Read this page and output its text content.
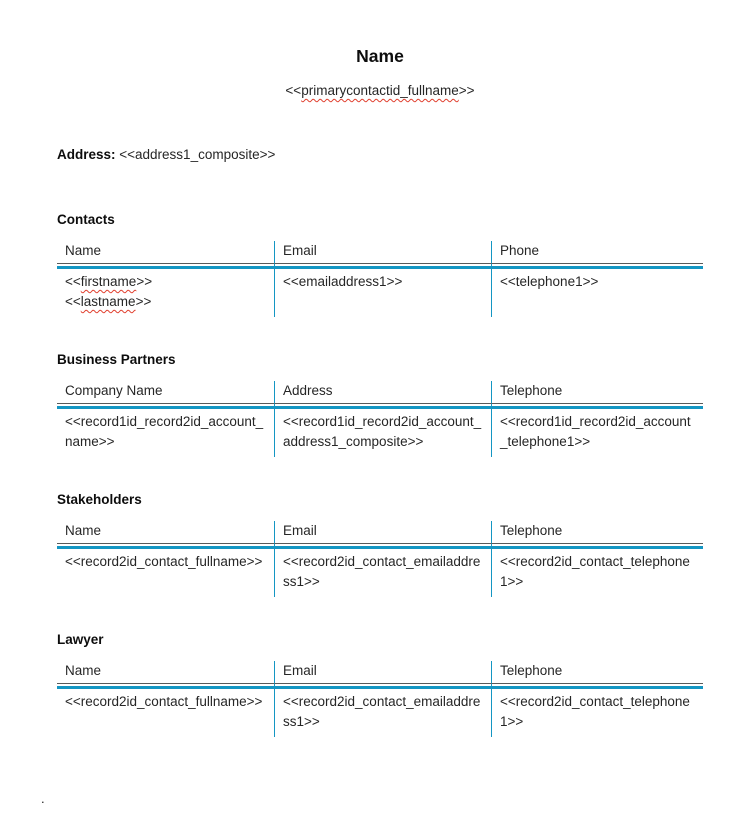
Name
<<primarycontactid_fullname>>
Address: <<address1_composite>>
Contacts
Name	Email	Phone

<<firstname>>
<<lastname>>	<<emailaddress1>>	<<telephone1>>
Business Partners
Company Name	Address	Telephone

<<record1id_record2id_account_name>>	<<record1id_record2id_account_address1_composite>>	<<record1id_record2id_account_telephone1>>
Stakeholders
Name	Email	Telephone

<<record2id_contact_fullname>>	<<record2id_contact_emailaddress1>>	<<record2id_contact_telephone1>>
Lawyer
Name	Email	Telephone

<<record2id_contact_fullname>>	<<record2id_contact_emailaddress1>>	<<record2id_contact_telephone1>>
.
